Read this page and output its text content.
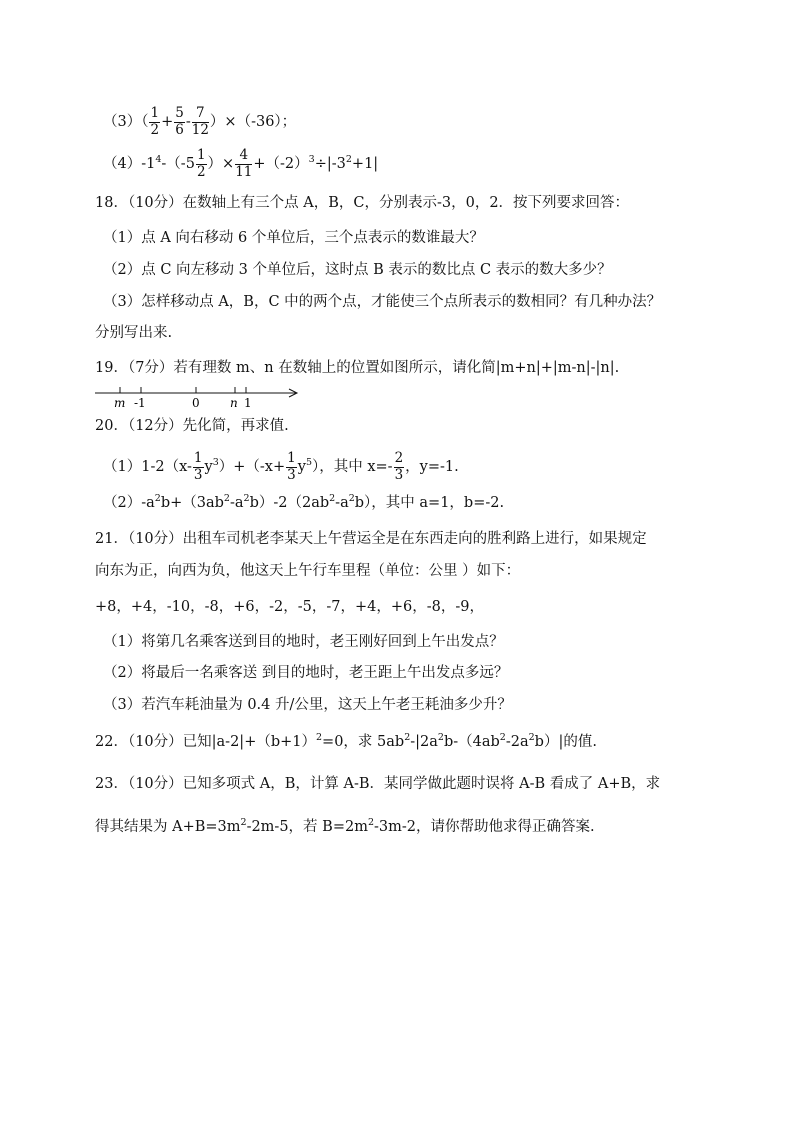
$(3)( \frac{1}{2} + \frac{5}{6} - \frac{7}{12} )\times(-36)$；
$(4)-1^4-(-5 \frac{1}{2}$ ）× $\frac{4}{11} +(-2)^3\div|-3^2+1|$
18．（10分）在数轴上有三个点 A，B，C，分别表示-3，0，2．按下列要求回答：
（1）点 A 向右移动 6 个单位后，三个点表示的数谁最大？
（2）点 C 向左移动 3 个单位后，这时点 B 表示的数比点 C 表示的数大多少？
（3）怎样移动点 A，B，C 中的两个点，才能使三个点所表示的数相同？有几种办法？
分别写出来.
19．（7分）若有理数 m、n 在数轴上的位置如图所示，请化简|m+n|+|m-n|-|n|.
m -1	0	n 1
20．（12分）先化简，再求值.
$(1)1-2(x- \frac{1}{3} y^3)+(-x+ \frac{1}{3} y^5)$，其中 $x=- \frac{2}{3}$ ，y=-1.
$(2)-a^2b+(3ab^2-a^2b)-2(2ab^2-a^2b)$，其中 a=1，b=-2.
21．（10分）出租车司机老李某天上午营运全是在东西走向的胜利路上进行，如果规定
向东为正，向西为负，他这天上午行车里程（单位：公里 ）如下：
+8，+4，-10，-8，+6，-2，-5，-7，+4，+6，-8，-9，
（1）将第几名乘客送到目的地时，老王刚好回到上午出发点？
（2）将最后一名乘客送 到目的地时，老王距上午出发点多远？
（3）若汽车耗油量为 0.4 升/公里，这天上午老王耗油多少升？
22．（10分）已知$|a-2|+(b+1)^2=0$，求 $5ab^2-|2a^2b-(4ab^2-2a^2b)|$的值.
23．（10分）已知多项式 A，B，计算 A-B．某同学做此题时误将 A-B 看成了 A+B，求
得其结果为 $A+B=3m^2-2m-5$，若 $B=2m^2-3m-2$，请你帮助他求得正确答案.
